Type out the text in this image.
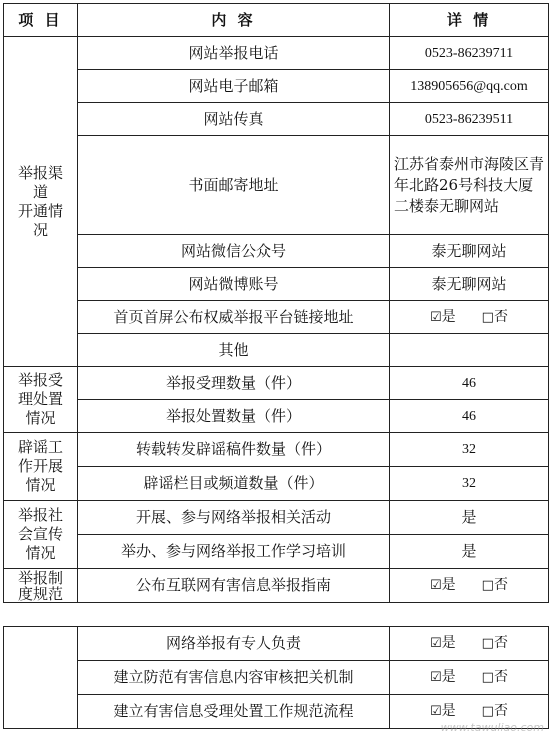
项 目	内 容	详 情

举报渠
道
开通情
况	网站举报电话	0523-86239711
	网站电子邮箱	138905656@qq.com
	网站传真	0523-86239511
	书面邮寄地址	江苏省泰州市海陵区青年北路26号科技大厦二楼泰无聊网站
	网站微信公众号	泰无聊网站
	网站微博账号	泰无聊网站
	首页首屏公布权威举报平台链接地址	☑是 □否
	其他	

举报受
理处置
情况	举报受理数量（件）	46
	举报处置数量（件）	46

辟谣工
作开展
情况	转载转发辟谣稿件数量（件）	32
	辟谣栏目或频道数量（件）	32

举报社
会宣传
情况	开展、参与网络举报相关活动	是
	举办、参与网络举报工作学习培训	是

举报制
度规范	公布互联网有害信息举报指南	☑是 □否
	网络举报有专人负责	☑是 □否
	建立防范有害信息内容审核把关机制	☑是 □否
	建立有害信息受理处置工作规范流程	☑是 □否
www.tawuliao.com
